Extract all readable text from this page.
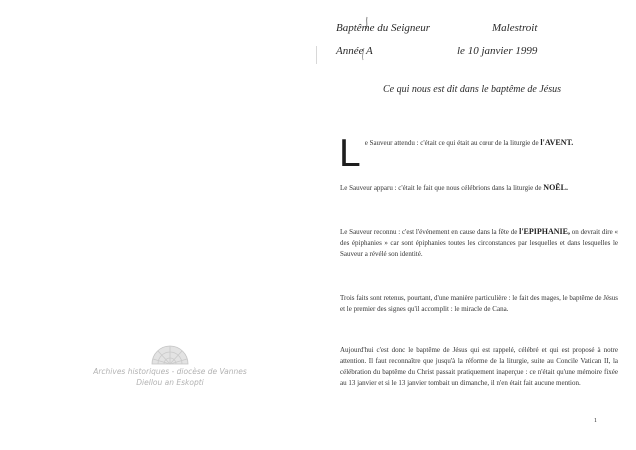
Archives historiques - diocèse de Vannes
Diellou an Eskopti
Baptême du Seigneur
Année A
Malestroit
le 10 janvier 1999
Ce qui nous est dit dans le baptême de Jésus

Le Sauveur attendu : c'était ce qui était au cœur de la liturgie de l'AVENT.

Le Sauveur apparu : c'était le fait que nous célébrions dans la liturgie de NOËL.

Le Sauveur reconnu : c'est l'événement en cause dans la fête de l'EPIPHANIE, on devrait dire « des épiphanies » car sont épiphanies toutes les circonstances par lesquelles et dans lesquelles le Sauveur a révélé son identité.

Trois faits sont retenus, pourtant, d'une manière particulière : le fait des mages, le baptême de Jésus et le premier des signes qu'il accomplit : le miracle de Cana.

Aujourd'hui c'est donc le baptême de Jésus qui est rappelé, célébré et qui est proposé à notre attention. Il faut reconnaître que jusqu'à la réforme de la liturgie, suite au Concile Vatican II, la célébration du baptême du Christ passait pratiquement inaperçue : ce n'était qu'une mémoire fixée au 13 janvier et si le 13 janvier tombait un dimanche, il n'en était fait aucune mention.

1
